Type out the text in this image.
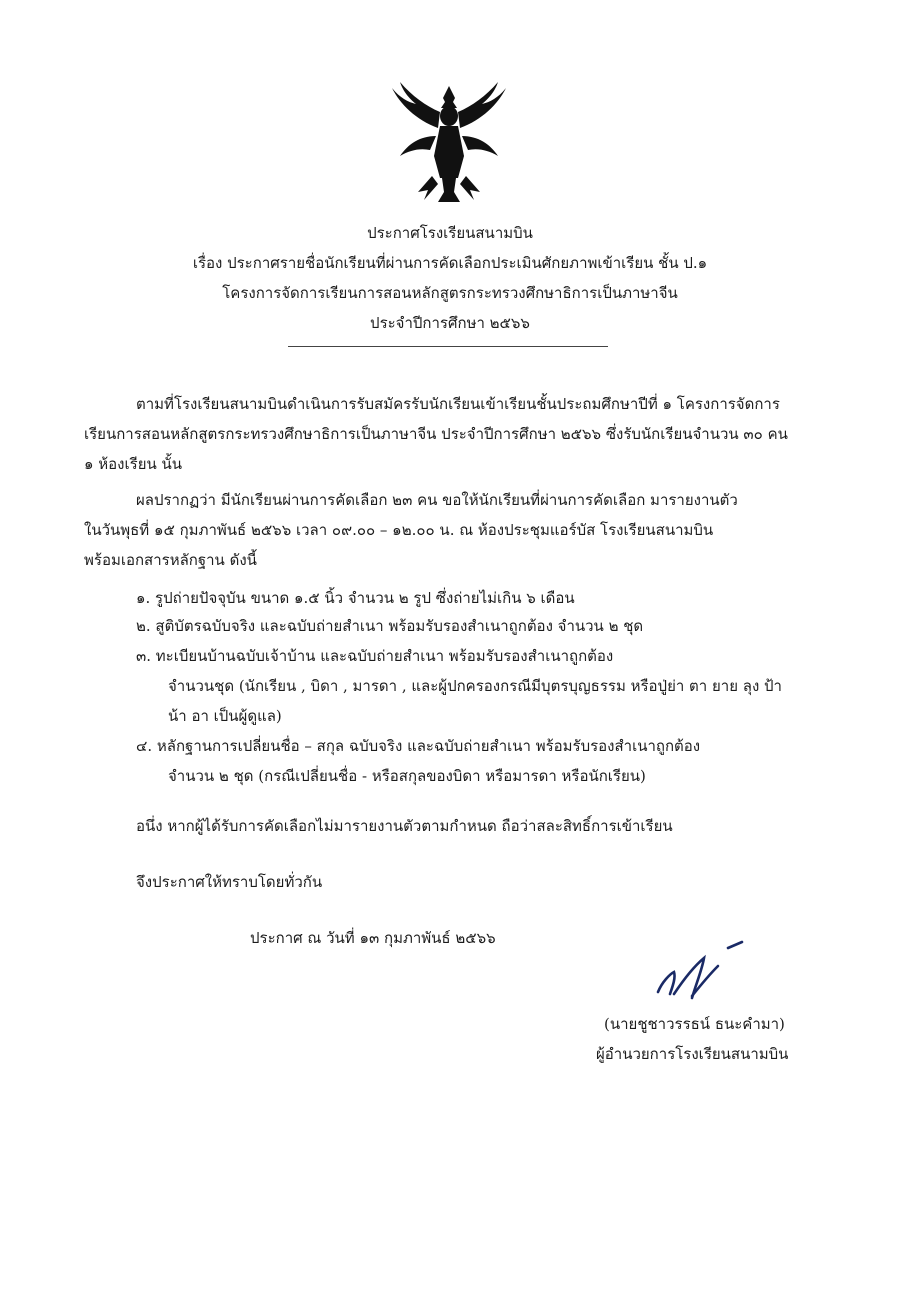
ประกาศโรงเรียนสนามบิน
เรื่อง ประกาศรายชื่อนักเรียนที่ผ่านการคัดเลือกประเมินศักยภาพเข้าเรียน ชั้น ป.๑
โครงการจัดการเรียนการสอนหลักสูตรกระทรวงศึกษาธิการเป็นภาษาจีน
ประจำปีการศึกษา ๒๕๖๖
ตามที่โรงเรียนสนามบินดำเนินการรับสมัครรับนักเรียนเข้าเรียนชั้นประถมศึกษาปีที่ ๑ โครงการจัดการ
เรียนการสอนหลักสูตรกระทรวงศึกษาธิการเป็นภาษาจีน ประจำปีการศึกษา ๒๕๖๖ ซึ่งรับนักเรียนจำนวน ๓๐ คน
๑ ห้องเรียน นั้น
ผลปรากฏว่า มีนักเรียนผ่านการคัดเลือก ๒๓ คน ขอให้นักเรียนที่ผ่านการคัดเลือก มารายงานตัว
ในวันพุธที่ ๑๕ กุมภาพันธ์ ๒๕๖๖ เวลา ๐๙.๐๐ – ๑๒.๐๐ น. ณ ห้องประชุมแอร์บัส โรงเรียนสนามบิน
พร้อมเอกสารหลักฐาน ดังนี้
๑. รูปถ่ายปัจจุบัน ขนาด ๑.๕ นิ้ว จำนวน ๒ รูป ซึ่งถ่ายไม่เกิน ๖ เดือน
๒. สูติบัตรฉบับจริง และฉบับถ่ายสำเนา พร้อมรับรองสำเนาถูกต้อง จำนวน ๒ ชุด
๓. ทะเบียนบ้านฉบับเจ้าบ้าน และฉบับถ่ายสำเนา พร้อมรับรองสำเนาถูกต้อง
จำนวนชุด (นักเรียน , บิดา , มารดา , และผู้ปกครองกรณีมีบุตรบุญธรรม หรือปู่ย่า ตา ยาย ลุง ป้า
น้า อา เป็นผู้ดูแล)
๔. หลักฐานการเปลี่ยนชื่อ – สกุล ฉบับจริง และฉบับถ่ายสำเนา พร้อมรับรองสำเนาถูกต้อง
จำนวน ๒ ชุด (กรณีเปลี่ยนชื่อ - หรือสกุลของบิดา หรือมารดา หรือนักเรียน)
อนึ่ง หากผู้ได้รับการคัดเลือกไม่มารายงานตัวตามกำหนด ถือว่าสละสิทธิ์การเข้าเรียน
จึงประกาศให้ทราบโดยทั่วกัน
ประกาศ ณ วันที่ ๑๓ กุมภาพันธ์ ๒๕๖๖
(นายชูชาวรรธน์ ธนะคำมา)
ผู้อำนวยการโรงเรียนสนามบิน
